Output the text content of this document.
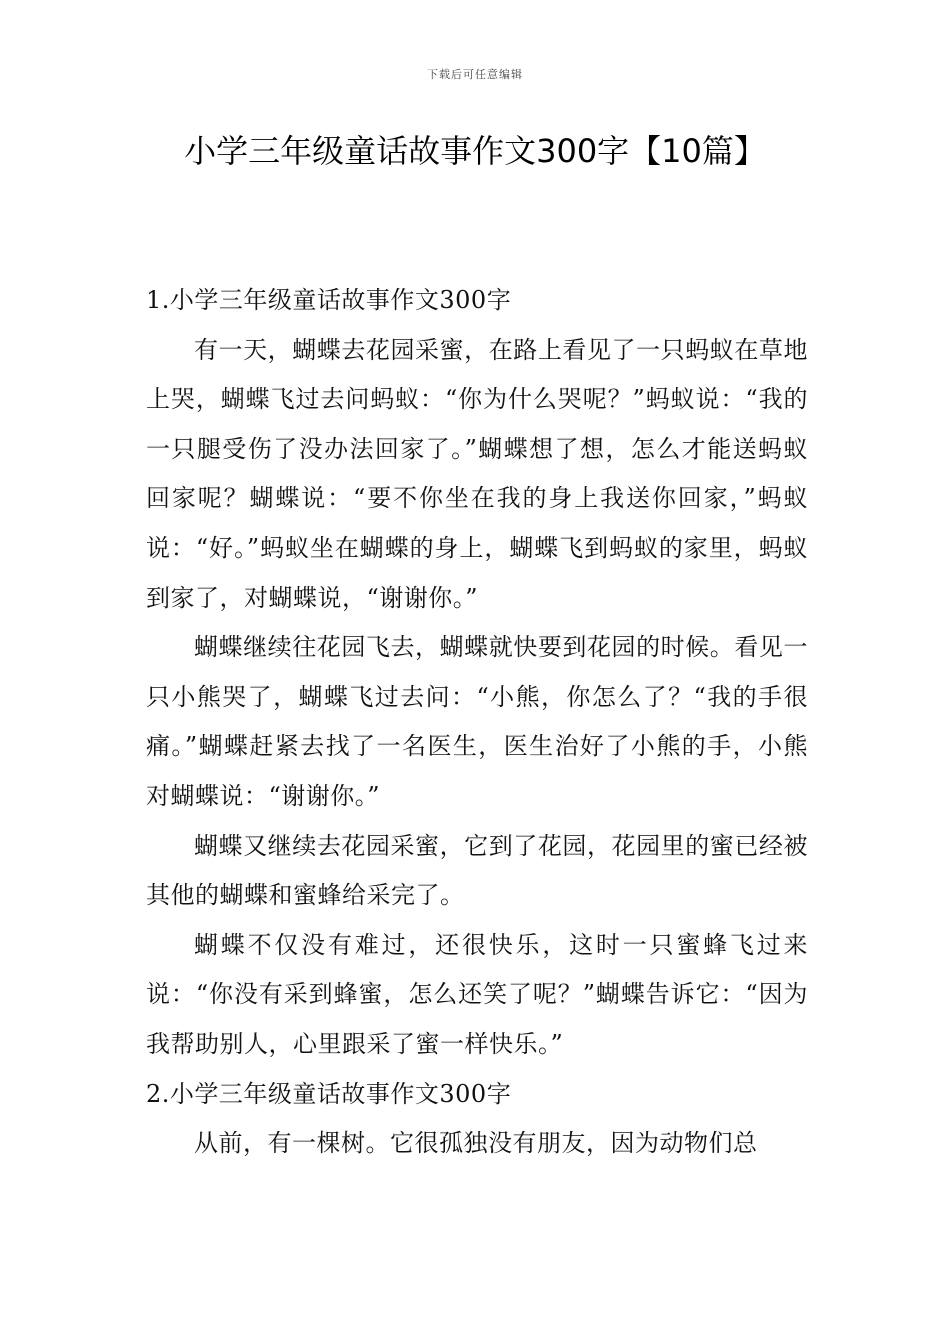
下载后可任意编辑
小学三年级童话故事作文300字【10篇】
1.小学三年级童话故事作文300字

有一天，蝴蝶去花园采蜜，在路上看见了一只蚂蚁在草地上哭，蝴蝶飞过去问蚂蚁：“你为什么哭呢？”蚂蚁说：“我的一只腿受伤了没办法回家了。”蝴蝶想了想，怎么才能送蚂蚁回家呢？蝴蝶说：“要不你坐在我的身上我送你回家，”蚂蚁说：“好。”蚂蚁坐在蝴蝶的身上，蝴蝶飞到蚂蚁的家里，蚂蚁到家了，对蝴蝶说，“谢谢你。”

蝴蝶继续往花园飞去，蝴蝶就快要到花园的时候。看见一只小熊哭了，蝴蝶飞过去问：“小熊，你怎么了？“我的手很痛。”蝴蝶赶紧去找了一名医生，医生治好了小熊的手，小熊对蝴蝶说：“谢谢你。”

蝴蝶又继续去花园采蜜，它到了花园，花园里的蜜已经被其他的蝴蝶和蜜蜂给采完了。

蝴蝶不仅没有难过，还很快乐，这时一只蜜蜂飞过来说：“你没有采到蜂蜜，怎么还笑了呢？”蝴蝶告诉它：“因为我帮助别人，心里跟采了蜜一样快乐。”

2.小学三年级童话故事作文300字

从前，有一棵树。它很孤独没有朋友，因为动物们总
